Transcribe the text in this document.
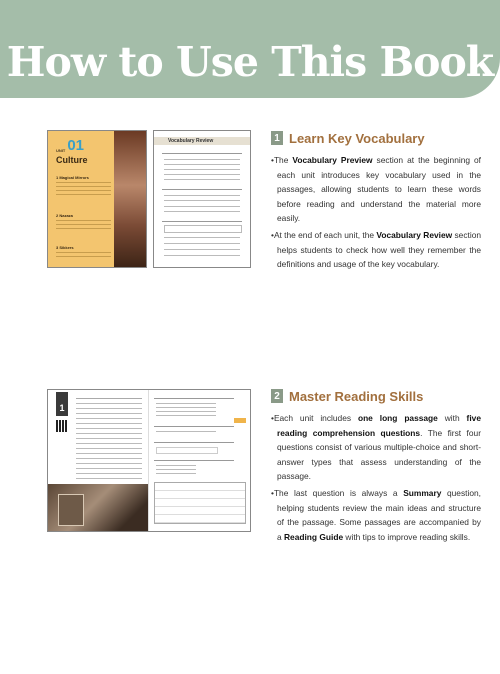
How to Use This Book
UNIT 01
Culture
1 Magical Mirrors
2 Nazaza
3 Sikkers
Vocabulary Review	1 Learn Key Vocabulary

•The Vocabulary Preview section at the beginning of each unit introduces key vocabulary used in the passages, allowing students to learn these words before reading and understand the material more easily.

•At the end of each unit, the Vocabulary Review section helps students to check how well they remember the definitions and usage of the key vocabulary.

1
2 Master Reading Skills

•Each unit includes one long passage with five reading comprehension questions. The first four questions consist of various multiple-choice and short-answer types that assess understanding of the passage.

•The last question is always a Summary question, helping students review the main ideas and structure of the passage. Some passages are accompanied by a Reading Guide with tips to improve reading skills.
